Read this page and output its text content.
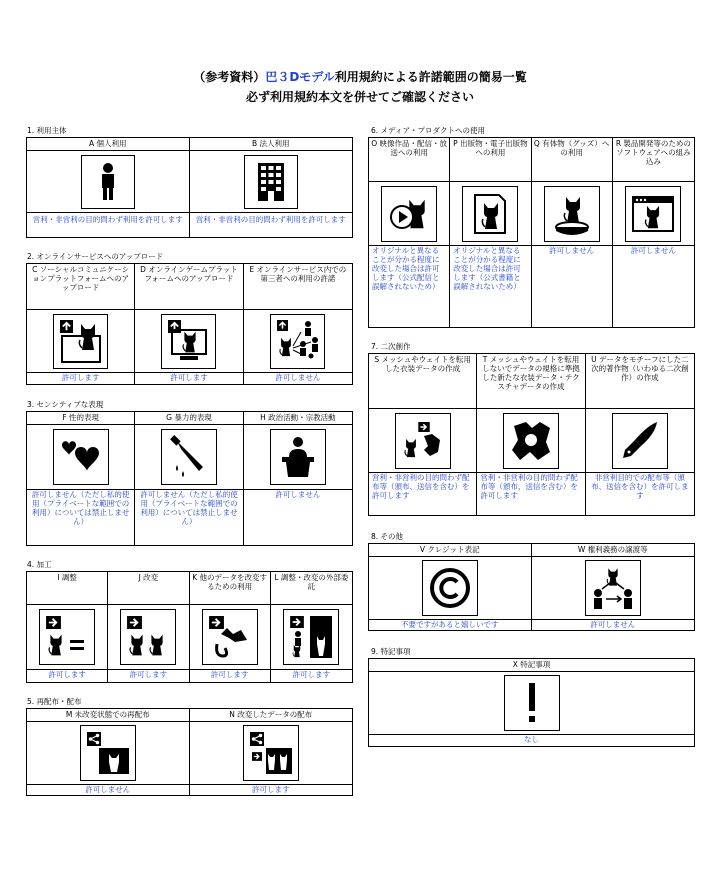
（参考資料）巴３Dモデル利用規約による許諾範囲の簡易一覧
必ず利用規約本文を併せてご確認ください
1. 利用主体
A 個人利用
営利・非営利の目的問わず利用を許可します
B 法人利用
営利・非営利の目的問わず利用を許可します
2. オンラインサービスへのアップロード
C ソーシャルコミュニケーションプラットフォームへのアップロード
許可します
D オンラインゲームプラットフォームへのアップロード
許可します
E オンラインサービス内での第三者への利用の許諾
許可しません
3. センシティブな表現
F 性的表現
許可しません（ただし私的使用（プライベートな範囲での利用）については禁止しません）
G 暴力的表現
許可しません（ただし私的使用（プライベートな範囲での利用）については禁止しません）
H 政治活動・宗教活動
許可しません
4. 加工
I 調整
許可します
J 改変
許可します
K 他のデータを改変するための利用
許可します
L 調整・改変の外部委託
許可します
5. 再配布・配布
M 未改変状態での再配布
許可しません
N 改変したデータの配布
許可します
6. メディア・プロダクトへの使用
O 映像作品・配信・放送への利用
オリジナルと異なることが分かる程度に改変した場合は許可します（公式配信と誤解されないため）
P 出版物・電子出版物への利用
オリジナルと異なることが分かる程度に改変した場合は許可します（公式書籍と誤解されないため）
Q 有体物（グッズ）への利用
許可しません
R 製品開発等のためのソフトウェアへの組み込み
許可しません
7. 二次創作
S メッシュやウェイトを転用した衣装データの作成
営利・非営利の目的問わず配布等（頒布、送信を含む）を許可します
T メッシュやウェイトを転用しないでデータの規格に準拠した新たな衣装データ・テクスチャデータの作成
営利・非営利の目的問わず配布等（頒布、送信を含む）を許可します
U データをモチーフにした二次的著作物（いわゆる二次創作）の作成
非営利目的での配布等（頒布、送信を含む）を許可します
8. その他
V クレジット表記
不要ですがあると嬉しいです
W 権利義務の譲渡等
許可しません
9. 特記事項
X 特記事項
なし
